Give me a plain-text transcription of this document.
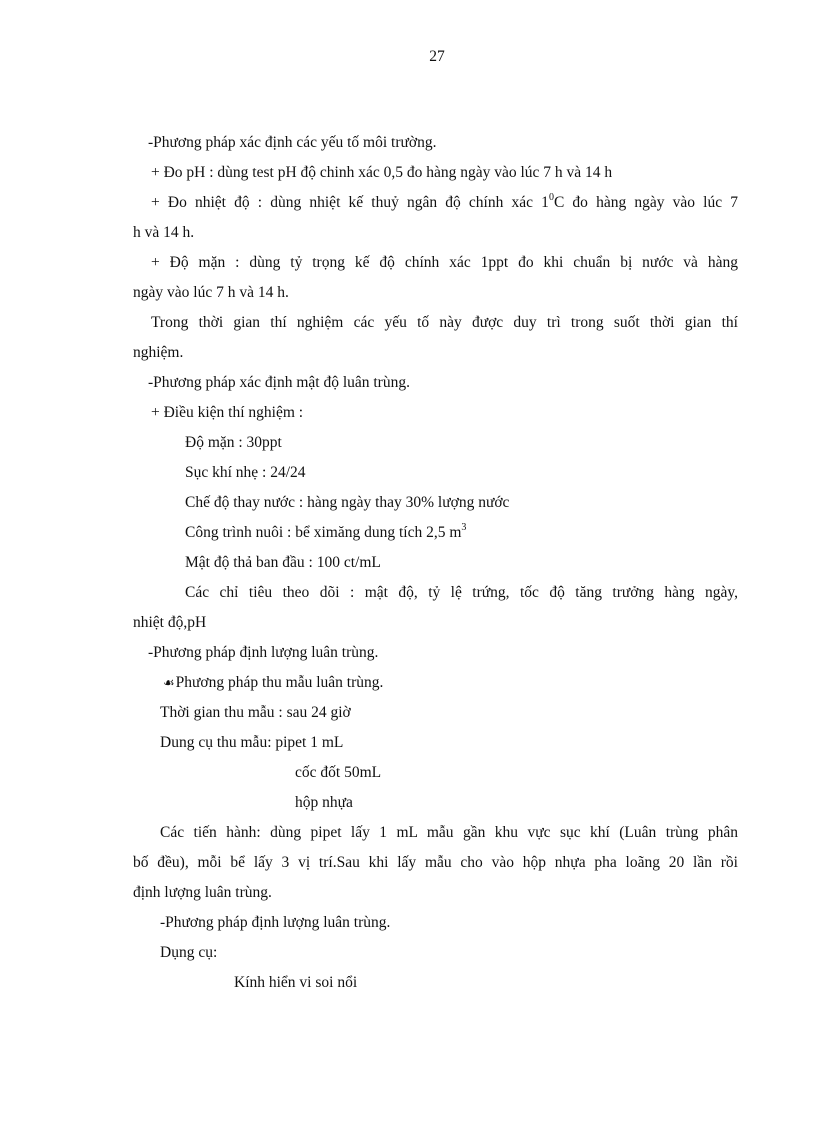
27
-Phương pháp xác định các yếu tố môi trường.
+ Đo pH : dùng test pH độ chinh xác 0,5 đo hàng ngày vào lúc 7 h và 14 h
+ Đo nhiệt độ : dùng nhiệt kế thuỷ ngân độ chính xác $1^0C$ đo hàng ngày vào lúc 7
h và 14 h.
+ Độ mặn : dùng tỷ trọng kế độ chính xác 1ppt đo khi chuẩn bị nước và hàng
ngày vào lúc 7 h và 14 h.
Trong thời gian thí nghiệm các yếu tố này được duy trì trong suốt thời gian thí
nghiệm.
-Phương pháp xác định mật độ luân trùng.
+ Điều kiện thí nghiệm :
Độ mặn : 30ppt
Sục khí nhẹ : 24/24
Chế độ thay nước : hàng ngày thay 30% lượng nước
Công trình nuôi : bể ximăng dung tích 2,5 $m^3$
Mật độ thả ban đầu : 100 ct/mL
Các chỉ tiêu theo dõi : mật độ, tỷ lệ trứng, tốc độ tăng trưởng hàng ngày,
nhiệt độ,pH
-Phương pháp định lượng luân trùng.
☙Phương pháp thu mẫu luân trùng.
Thời gian thu mẫu : sau 24 giờ
Dung cụ thu mẫu: pipet 1 mL
cốc đốt 50mL
hộp nhựa
Các tiến hành: dùng pipet lấy 1 mL mẫu gần khu vực sục khí (Luân trùng phân
bố đều), mỗi bể lấy 3 vị trí.Sau khi lấy mẫu cho vào hộp nhựa pha loãng 20 lần rồi
định lượng luân trùng.
-Phương pháp định lượng luân trùng.
Dụng cụ:
Kính hiển vi soi nổi
